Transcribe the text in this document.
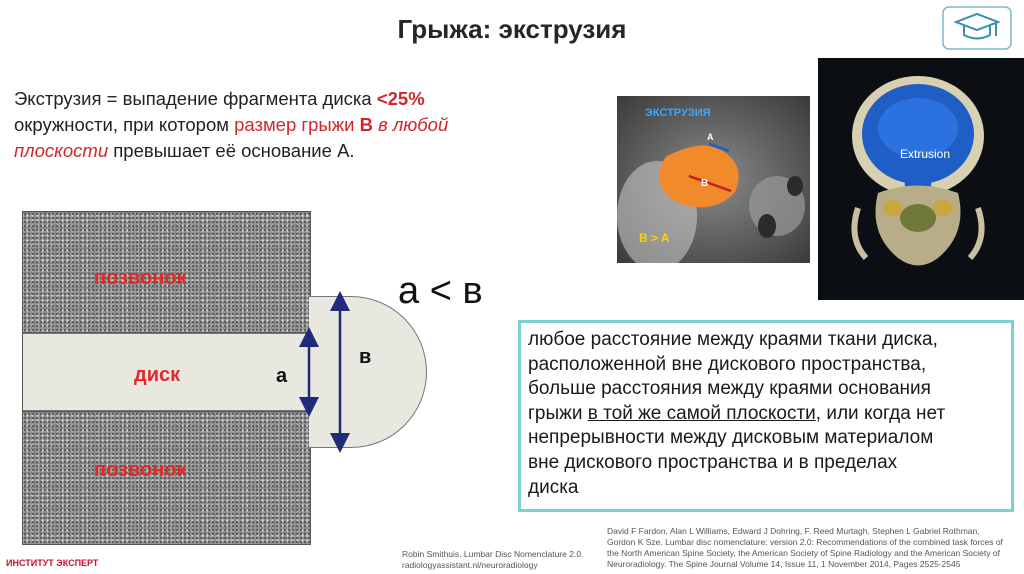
Грыжа: экструзия
Экструзия = выпадение фрагмента диска <25%
окружности, при котором размер грыжи B в любой
плоскости превышает её основание А.
ЭКСТРУЗИЯ
A
B
B > A
Extrusion
позвонок
диск
позвонок
а
в
а < в
любое расстояние между краями ткани диска,
расположенной вне дискового пространства,
больше расстояния между краями основания
грыжи в той же самой плоскости, или когда нет
непрерывности между дисковым материалом
вне дискового пространства и в пределах
диска
ИНСТИТУТ ЭКСПЕРТ
Robin Smithuis. Lumbar Disc Nomenclature 2.0.
radiologyassistant.nl/neuroradiology
David F Fardon, Alan L Williams, Edward J Dohring, F. Reed Murtagh, Stephen L Gabriel Rothman,
Gordon K Sze. Lumbar disc nomenclature: version 2.0: Recommendations of the combined task forces of
the North American Spine Society, the American Society of Spine Radiology and the American Society of
Neuroradiology. The Spine Journal Volume 14, Issue 11, 1 November 2014, Pages 2525-2545
